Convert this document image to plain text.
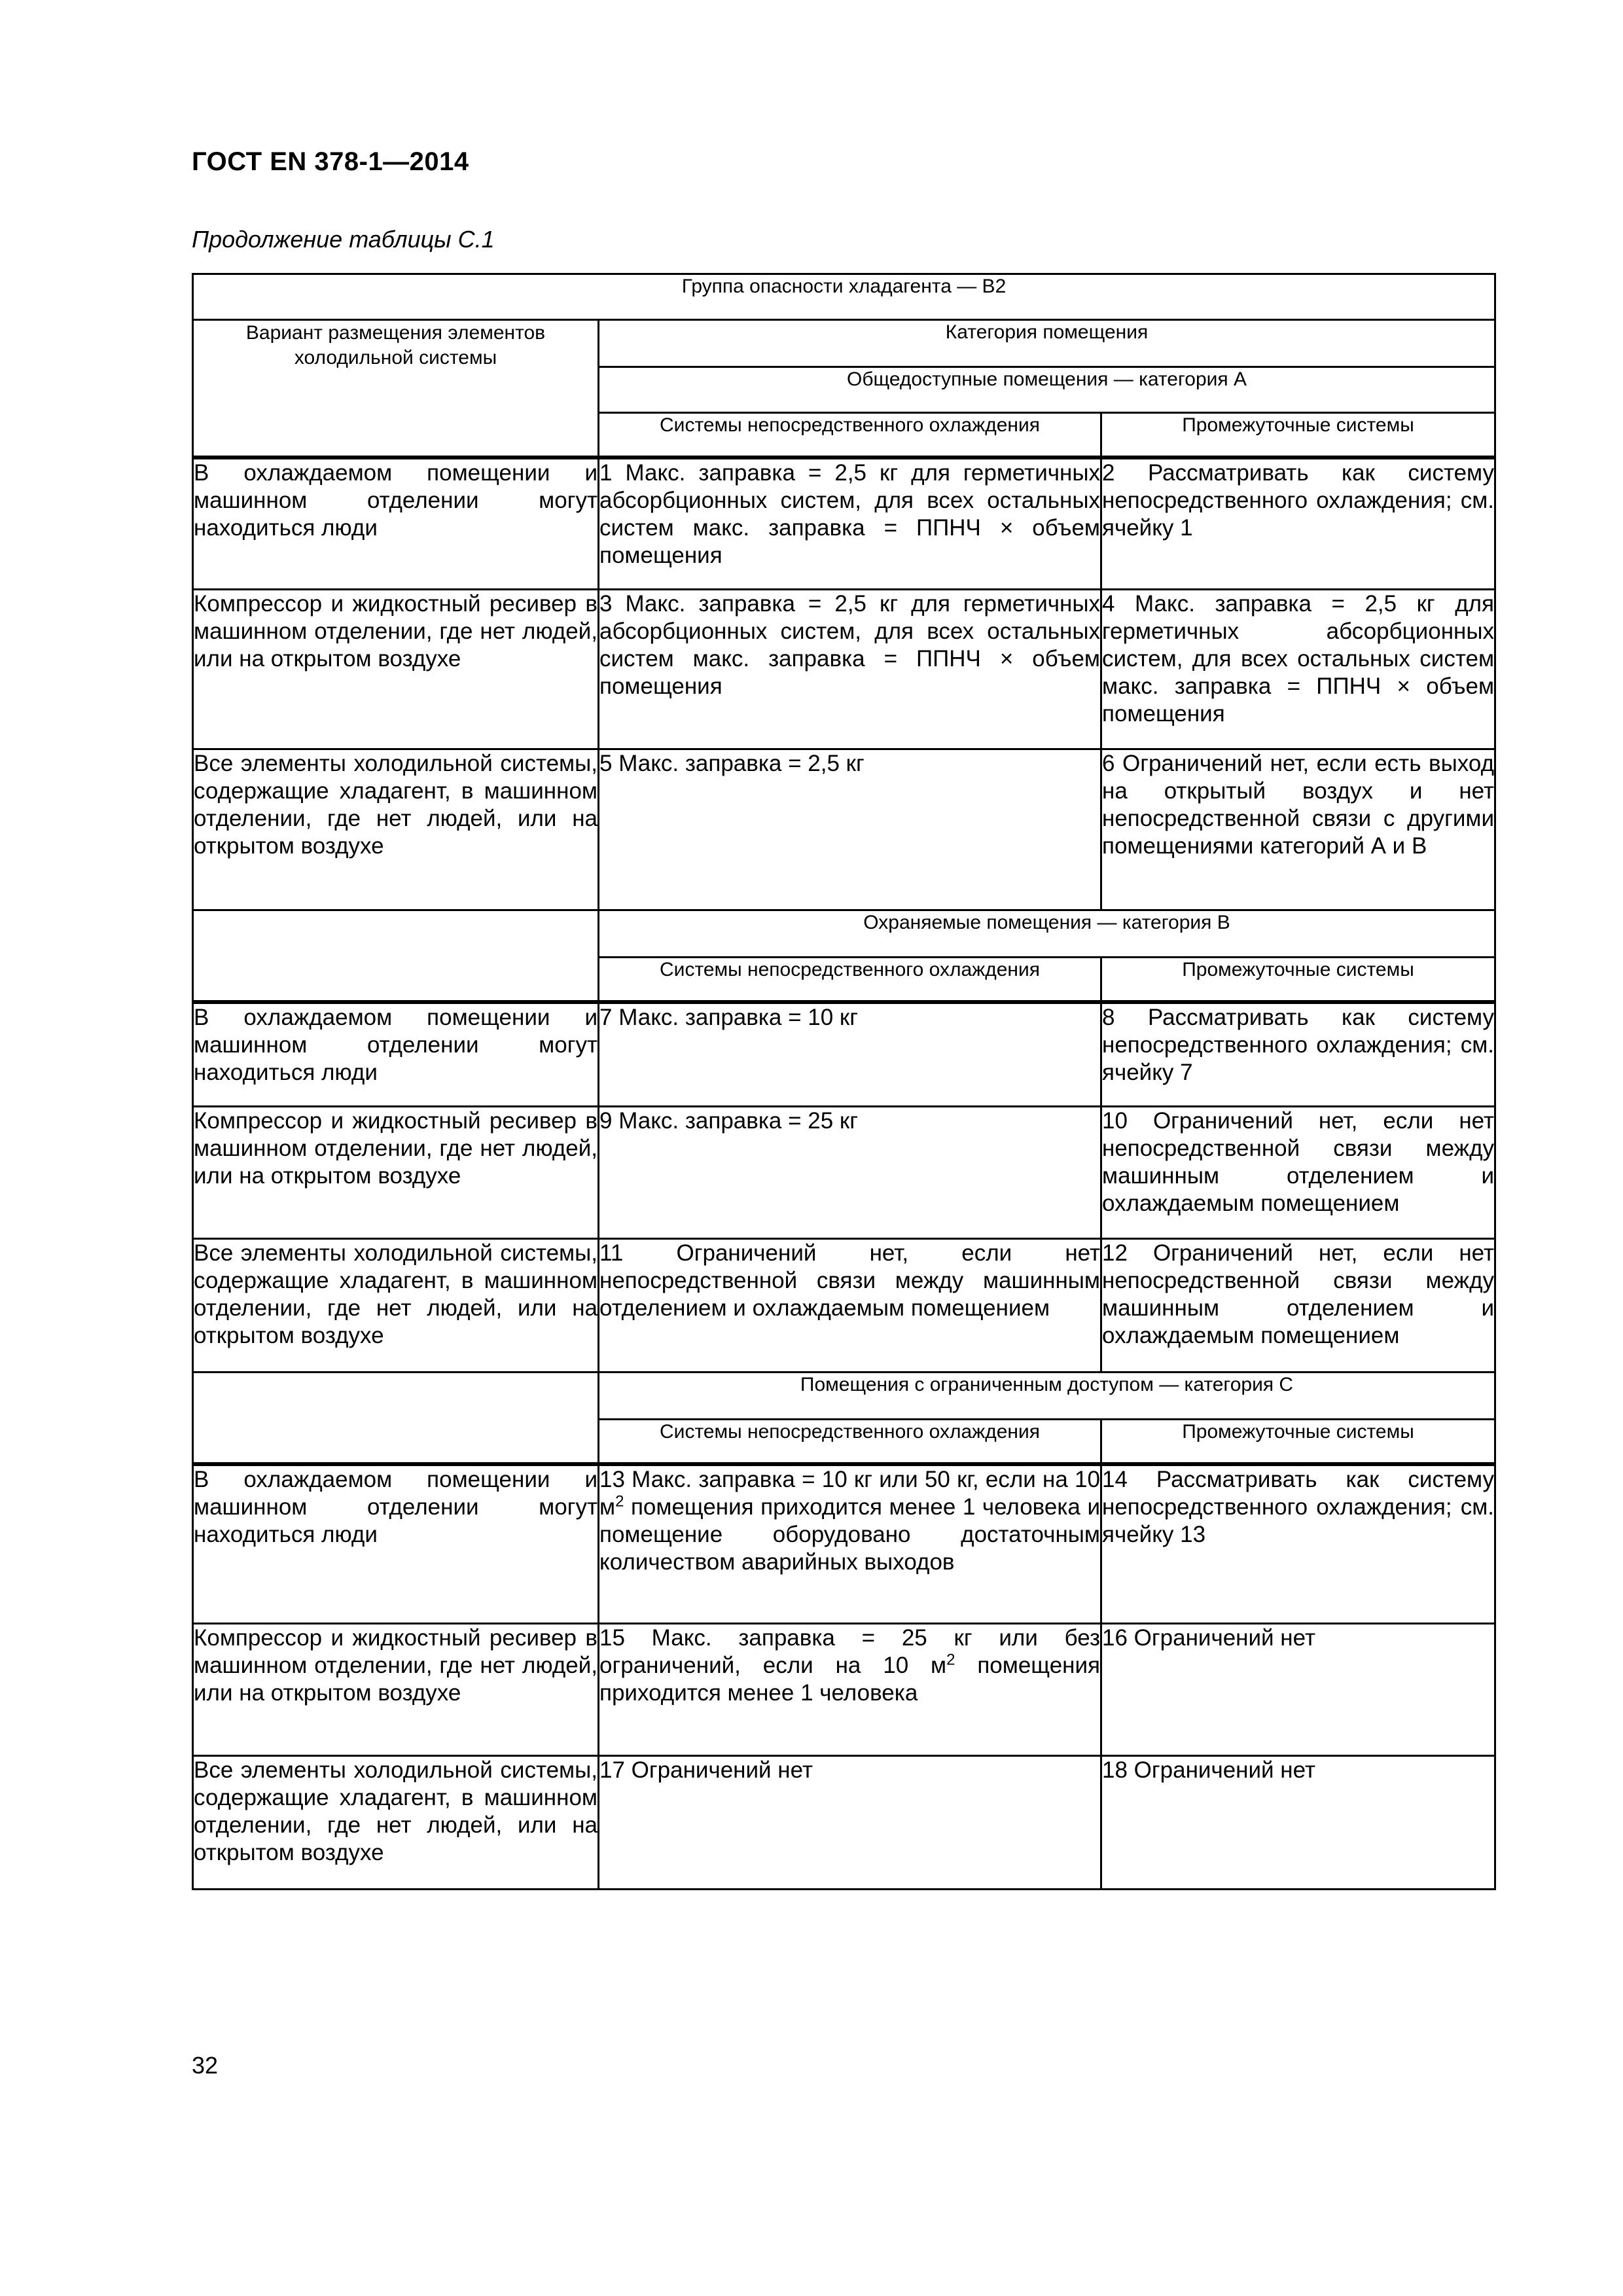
ГОСТ EN 378-1—2014
Продолжение таблицы С.1
Группа опасности хладагента — В2		

Вариант размещения элементов холодильной системы	Категория помещения	
	Общедоступные помещения — категория А	
	Системы непосредственного охлаждения	Промежуточные системы
В охлаждаемом помещении и машинном отделении могут находиться люди	1 Макс. заправка = 2,5 кг для герметичных абсорбционных систем, для всех остальных систем макс. заправка = ППНЧ × объем помещения	2 Рассматривать как систему непосредственного охлаждения; см. ячейку 1
Компрессор и жидкостный ресивер в машинном отделении, где нет людей, или на открытом воздухе	3 Макс. заправка = 2,5 кг для герметичных абсорбционных систем, для всех остальных систем макс. заправка = ППНЧ × объем помещения	4 Макс. заправка = 2,5 кг для герметичных абсорбционных систем, для всех остальных систем макс. заправка = ППНЧ × объем помещения
Все элементы холодильной системы, содержащие хладагент, в машинном отделении, где нет людей, или на открытом воздухе	5 Макс. заправка = 2,5 кг	6 Ограничений нет, если есть выход на открытый воздух и нет непосредственной связи с другими помещениями категорий А и В
	Охраняемые помещения — категория В	
	Системы непосредственного охлаждения	Промежуточные системы
В охлаждаемом помещении и машинном отделении могут находиться люди	7 Макс. заправка = 10 кг	8 Рассматривать как систему непосредственного охлаждения; см. ячейку 7
Компрессор и жидкостный ресивер в машинном отделении, где нет людей, или на открытом воздухе	9 Макс. заправка = 25 кг	10 Ограничений нет, если нет непосредственной связи между машинным отделением и охлаждаемым помещением
Все элементы холодильной системы, содержащие хладагент, в машинном отделении, где нет людей, или на открытом воздухе	11 Ограничений нет, если нет непосредственной связи между машинным отделением и охлаждаемым помещением	12 Ограничений нет, если нет непосредственной связи между машинным отделением и охлаждаемым помещением
	Помещения с ограниченным доступом — категория С	
	Системы непосредственного охлаждения	Промежуточные системы
В охлаждаемом помещении и машинном отделении могут находиться люди	13 Макс. заправка = 10 кг или 50 кг, если на 10 $м^2$ помещения приходится менее 1 человека и помещение оборудовано достаточным количеством аварийных выходов	14 Рассматривать как систему непосредственного охлаждения; см. ячейку 13
Компрессор и жидкостный ресивер в машинном отделении, где нет людей, или на открытом воздухе	15 Макс. заправка = 25 кг или без ограничений, если на 10 $м^2$ помещения приходится менее 1 человека	16 Ограничений нет
Все элементы холодильной системы, содержащие хладагент, в машинном отделении, где нет людей, или на открытом воздухе	17 Ограничений нет	18 Ограничений нет
32
